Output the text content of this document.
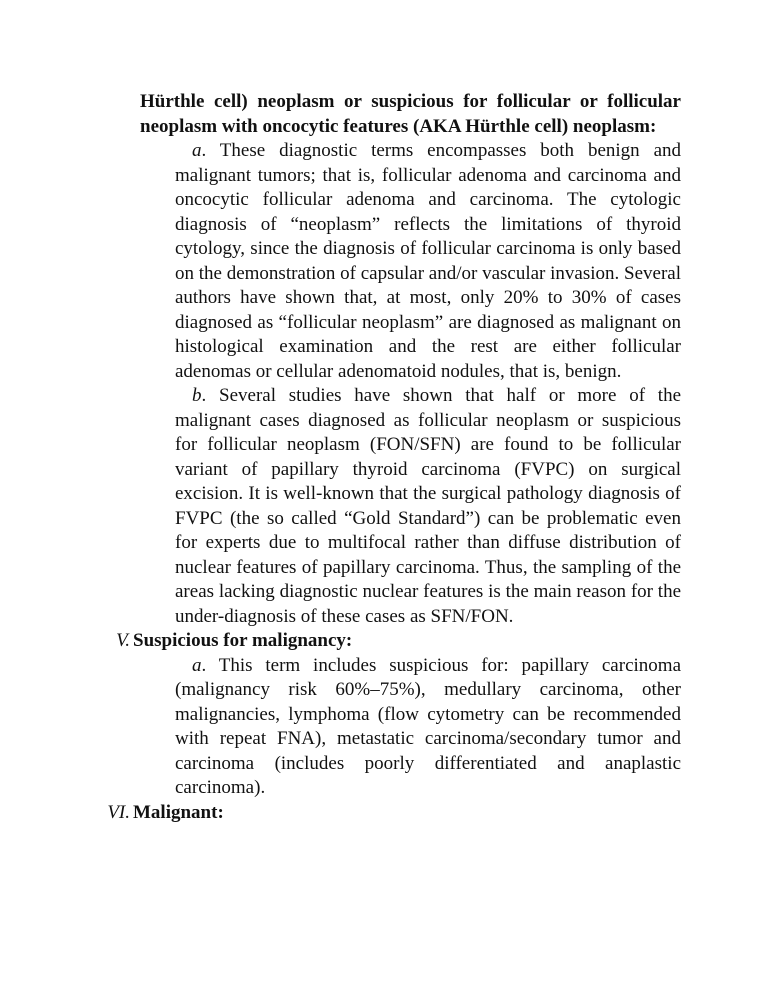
Hürthle cell) neoplasm or suspicious for follicular or follicular neoplasm with oncocytic features (AKA Hürthle cell) neoplasm:
a. These diagnostic terms encompasses both benign and malignant tumors; that is, follicular adenoma and carcinoma and oncocytic follicular adenoma and carcinoma. The cytologic diagnosis of “neoplasm” reflects the limitations of thyroid cytology, since the diagnosis of follicular carcinoma is only based on the demonstration of capsular and/or vascular invasion. Several authors have shown that, at most, only 20% to 30% of cases diagnosed as “follicular neoplasm” are diagnosed as malignant on histological examination and the rest are either follicular adenomas or cellular adenomatoid nodules, that is, benign.
b. Several studies have shown that half or more of the malignant cases diagnosed as follicular neoplasm or suspicious for follicular neoplasm (FON/SFN) are found to be follicular variant of papillary thyroid carcinoma (FVPC) on surgical excision. It is well-known that the surgical pathology diagnosis of FVPC (the so called “Gold Standard”) can be problematic even for experts due to multifocal rather than diffuse distribution of nuclear features of papillary carcinoma. Thus, the sampling of the areas lacking diagnostic nuclear features is the main reason for the under-diagnosis of these cases as SFN/FON.
V. Suspicious for malignancy:
a. This term includes suspicious for: papillary carcinoma (malignancy risk 60%–75%), medullary carcinoma, other malignancies, lymphoma (flow cytometry can be recommended with repeat FNA), metastatic carcinoma/secondary tumor and carcinoma (includes poorly differentiated and anaplastic carcinoma).
VI. Malignant:
